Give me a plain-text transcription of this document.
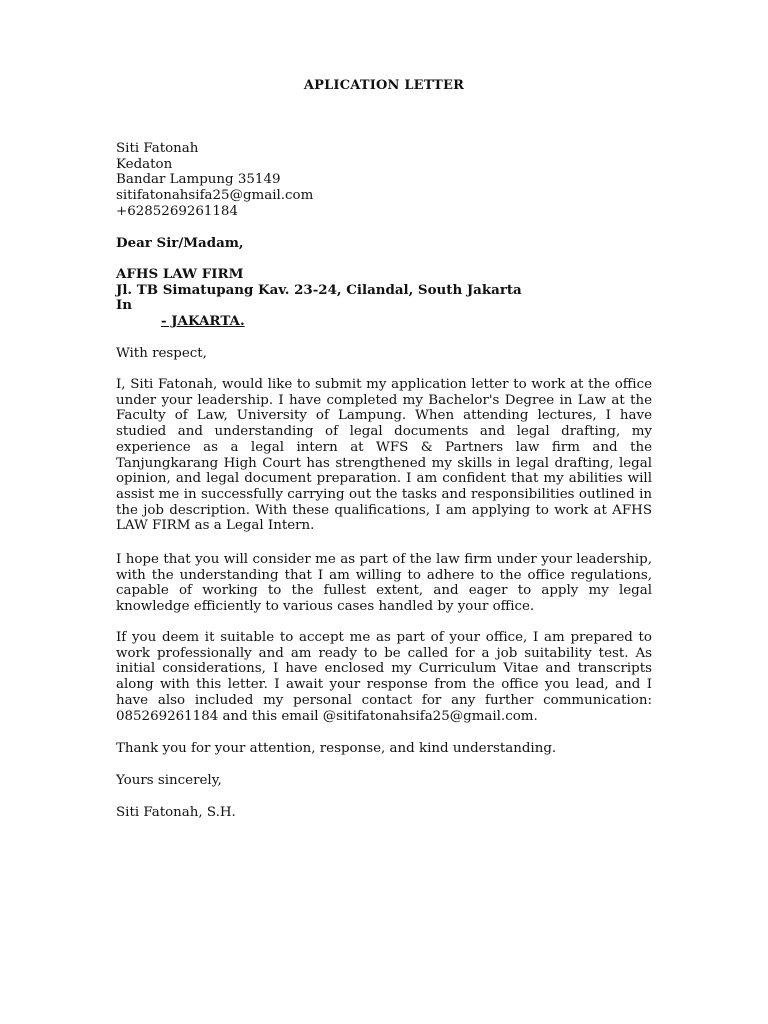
APLICATION LETTER
Siti Fatonah
Kedaton
Bandar Lampung 35149
sitifatonahsifa25@gmail.com
+6285269261184
Dear Sir/Madam,
AFHS LAW FIRM
Jl. TB Simatupang Kav. 23-24, Cilandal, South Jakarta
In
- JAKARTA.
With respect,
I, Siti Fatonah, would like to submit my application letter to work at the office under your leadership. I have completed my Bachelor's Degree in Law at the Faculty of Law, University of Lampung. When attending lectures, I have studied and understanding of legal documents and legal drafting, my experience as a legal intern at WFS & Partners law firm and the Tanjungkarang High Court has strengthened my skills in legal drafting, legal opinion, and legal document preparation. I am confident that my abilities will assist me in successfully carrying out the tasks and responsibilities outlined in the job description. With these qualifications, I am applying to work at AFHS LAW FIRM as a Legal Intern.
I hope that you will consider me as part of the law firm under your leadership, with the understanding that I am willing to adhere to the office regulations, capable of working to the fullest extent, and eager to apply my legal knowledge efficiently to various cases handled by your office.
If you deem it suitable to accept me as part of your office, I am prepared to work professionally and am ready to be called for a job suitability test. As initial considerations, I have enclosed my Curriculum Vitae and transcripts along with this letter. I await your response from the office you lead, and I have also included my personal contact for any further communication: 085269261184 and this email @sitifatonahsifa25@gmail.com.
Thank you for your attention, response, and kind understanding.
Yours sincerely,
Siti Fatonah, S.H.
